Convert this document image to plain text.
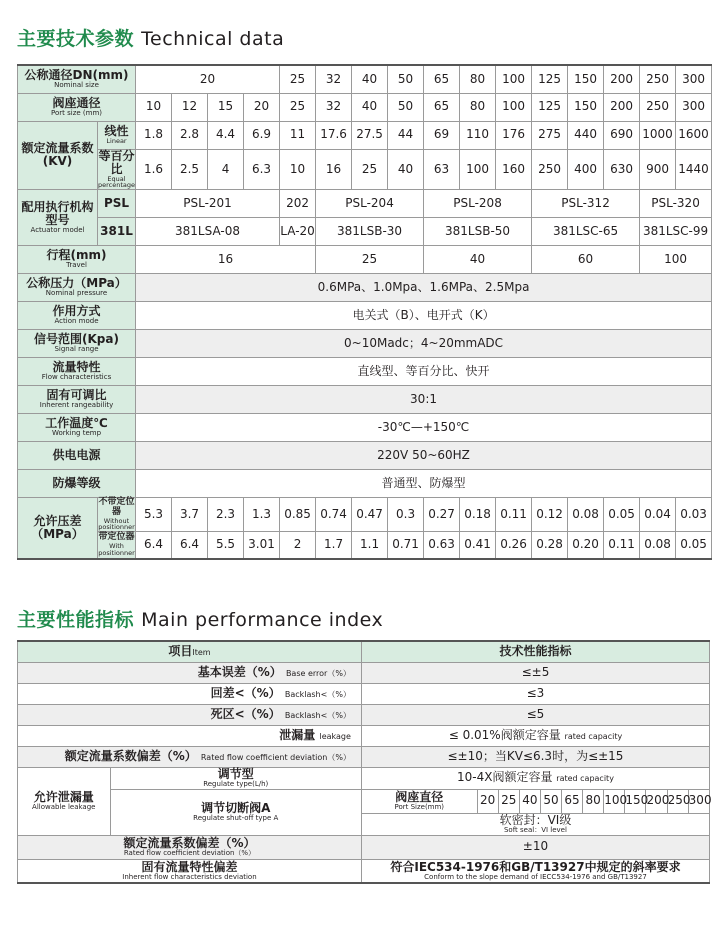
主要技术参数 Technical data
公称通径DN(mm)
Nominal size		20				25	32	40	50	65	80	100	125	150	200	250	300
阀座通径
Port size (mm)		10	12	15	20	25	32	40	50	65	80	100	125	150	200	250	300
额定流量系数(KV)	线性
Linear	1.8	2.8	4.4	6.9	11	17.6	27.5	44	69	110	176	275	440	690	1000	1600
	等百分比
Equal percentage	1.6	2.5	4	6.3	10	16	25	40	63	100	160	250	400	630	900	1440
配用执行机构型号
Actuator model	PSL	PSL-201				202	PSL-204			PSL-208			PSL-312			PSL-320	
	381L	381LSA-08				LA-20	381LSB-30			381LSB-50			381LSC-65			381LSC-99	
行程(mm)
Travel		16					25			40			60			100	
公称压力（MPa）
Nominal pressure		0.6MPa、1.0Mpa、1.6MPa、2.5Mpa															
作用方式
Action mode		电关式（B）、电开式（K）															
信号范围(Kpa)
Signal range		0~10Madc；4~20mmADC															
流量特性
Flow characteristics		直线型、等百分比、快开															
固有可调比
Inherent rangeability		30:1															
工作温度℃
Working temp		-30℃—+150℃															
供电电源		220V 50~60HZ															
防爆等级		普通型、防爆型															
允许压差（MPa）	不带定位器
Without positionner	5.3	3.7	2.3	1.3	0.85	0.74	0.47	0.3	0.27	0.18	0.11	0.12	0.08	0.05	0.04	0.03
	带定位器
With positionner	6.4	6.4	5.5	3.01	2	1.7	1.1	0.71	0.63	0.41	0.26	0.28	0.20	0.11	0.08	0.05
主要性能指标 Main performance index
项目Item		技术性能指标											
基本误差（%） Base error（%）		≤±5											
回差<（%） Backlash<（%）		≤3											
死区<（%） Backlash<（%）		≤5											
泄漏量 leakage		≤ 0.01%阀额定容量 rated capacity											
额定流量系数偏差（%） Rated flow coefficient deviation（%）		≤±10；当KV≤6.3时，为≤±15											
允许泄漏量
Allowable leakage	调节型
Regulate type(L/h)	10-4X阀额定容量 rated capacity											
	调节切断阀A
Regulate shut-off type A	阀座直径
Port Size(mm)	20	25	40	50	65	80	100	150	200	250	300
		软密封：VI级
Soft seal：VI level											

额定流量系数偏差（%）
Rated flow coefficient deviation（%）		±10											
固有流量特性偏差
Inherent flow characteristics deviation		符合IEC534-1976和GB/T13927中规定的斜率要求
Conform to the slope demand of IECC534-1976 and GB/T13927											
